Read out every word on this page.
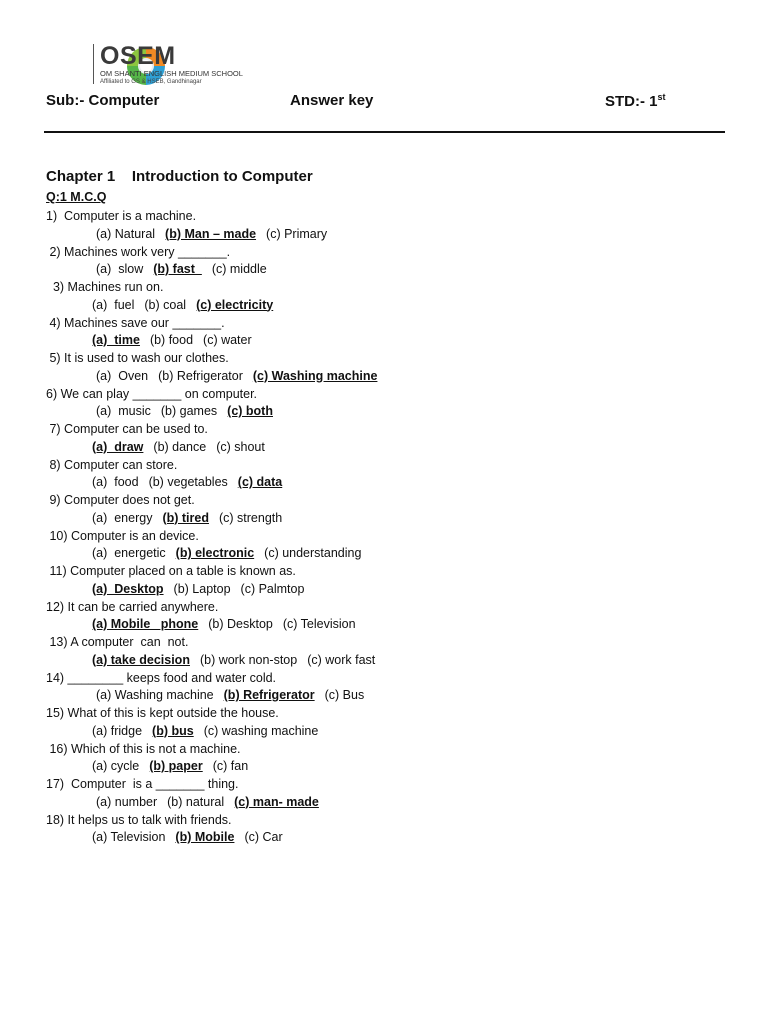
OSEM
OM SHANTI ENGLISH MEDIUM SCHOOL
Affiliated to GS & HSEB, Gandhinagar
Sub:- Computer	Answer key	STD:- 1st
Chapter 1    Introduction to Computer
Q:1 M.C.Q
1)  Computer is a machine.
(a) Natural (b) Man – made (c) Primary
2) Machines work very _______.
(a)  slow (b) fast  (c) middle
3) Machines run on.
(a)  fuel (b) coal (c) electricity
4) Machines save our _______.
(a)  time (b) food (c) water
5) It is used to wash our clothes.
(a)  Oven (b) Refrigerator (c) Washing machine
6) We can play _______ on computer.
(a)  music (b) games (c) both
7) Computer can be used to.
(a)  draw (b) dance (c) shout
8) Computer can store.
(a)  food (b) vegetables (c) data
9) Computer does not get.
(a)  energy (b) tired (c) strength
10) Computer is an device.
(a)  energetic (b) electronic (c) understanding
11) Computer placed on a table is known as.
(a)  Desktop (b) Laptop (c) Palmtop
12) It can be carried anywhere.
(a) Mobile   phone (b) Desktop (c) Television
13) A computer  can  not.
(a) take decision (b) work non-stop (c) work fast
14) ________ keeps food and water cold.
(a) Washing machine (b) Refrigerator (c) Bus
15) What of this is kept outside the house.
(a) fridge (b) bus (c) washing machine
16) Which of this is not a machine.
(a) cycle (b) paper (c) fan
17)  Computer  is a _______ thing.
(a) number (b) natural (c) man- made
18) It helps us to talk with friends.
(a) Television (b) Mobile (c) Car
